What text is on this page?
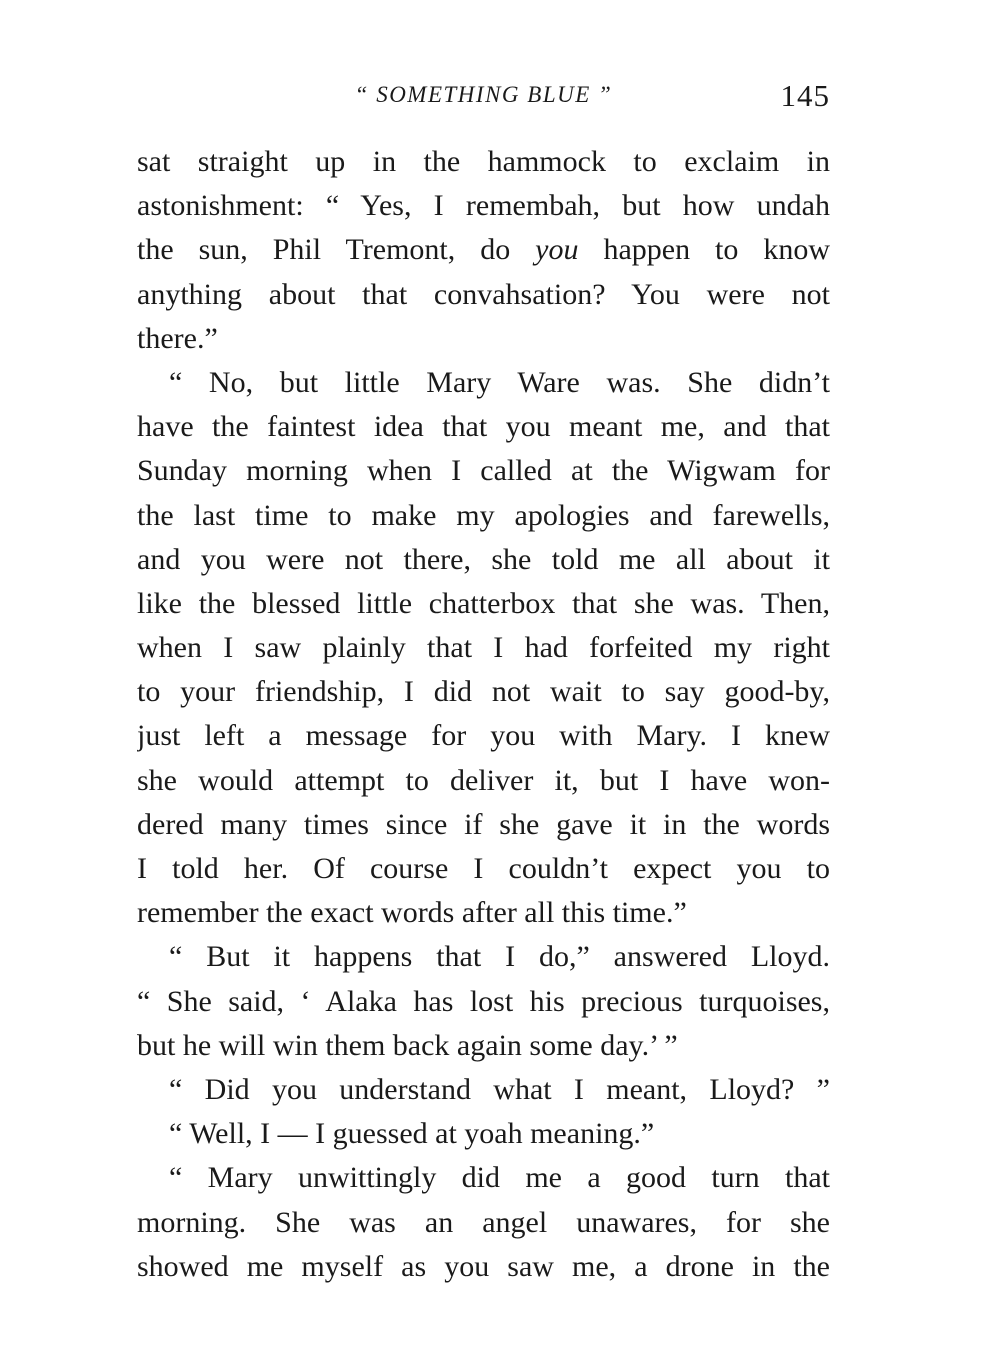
“ SOMETHING BLUE ”	145
sat straight up in the hammock to exclaim in
astonishment: “ Yes, I remembah, but how undah
the sun, Phil Tremont, do you happen to know
anything about that convahsation? You were not
there.”
“ No, but little Mary Ware was. She didn’t
have the faintest idea that you meant me, and that
Sunday morning when I called at the Wigwam for
the last time to make my apologies and farewells,
and you were not there, she told me all about it
like the blessed little chatterbox that she was. Then,
when I saw plainly that I had forfeited my right
to your friendship, I did not wait to say good-by,
just left a message for you with Mary. I knew
she would attempt to deliver it, but I have won-
dered many times since if she gave it in the words
I told her. Of course I couldn’t expect you to
remember the exact words after all this time.”
“ But it happens that I do,” answered Lloyd.
“ She said, ‘ Alaka has lost his precious turquoises,
but he will win them back again some day.’ ”
“ Did you understand what I meant, Lloyd? ”
“ Well, I — I guessed at yoah meaning.”
“ Mary unwittingly did me a good turn that
morning. She was an angel unawares, for she
showed me myself as you saw me, a drone in the
